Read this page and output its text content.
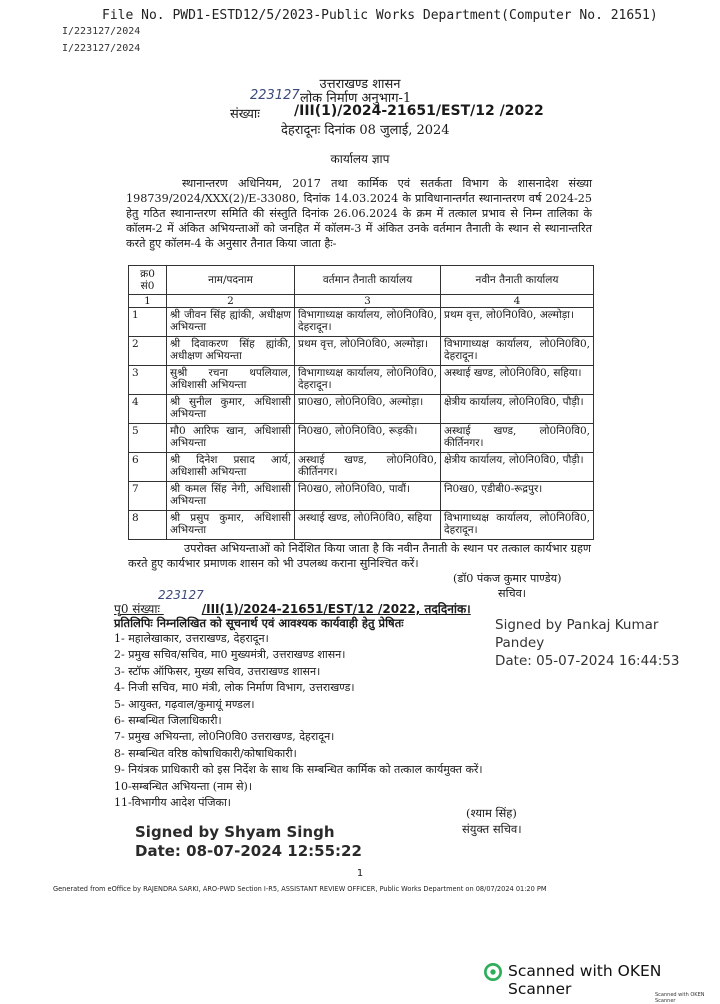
File No. PWD1-ESTD12/5/2023-Public Works Department(Computer No. 21651)
I/223127/2024
I/223127/2024
उत्तराखण्ड शासन
223127 लोक निर्माण अनुभाग-1
संख्याः /III(1)/2024-21651/EST/12 /2022
देहरादूनः दिनांक 08 जुलाई, 2024
कार्यालय ज्ञाप
स्थानान्तरण अधिनियम, 2017 तथा कार्मिक एवं सतर्कता विभाग के शासनादेश संख्या 198739/2024/XXX(2)/E-33080, दिनांक 14.03.2024 के प्राविधानान्तर्गत स्थानान्तरण वर्ष 2024-25 हेतु गठित स्थानान्तरण समिति की संस्तुति दिनांक 26.06.2024 के क्रम में तत्काल प्रभाव से निम्न तालिका के कॉलम-2 में अंकित अभियन्ताओं को जनहित में कॉलम-3 में अंकित उनके वर्तमान तैनाती के स्थान से स्थानान्तरित करते हुए कॉलम-4 के अनुसार तैनात किया जाता हैः-
क्र0 सं0	नाम/पदनाम	वर्तमान तैनाती कार्यालय	नवीन तैनाती कार्यालय
1	2	3	4
1	श्री जीवन सिंह ह्यांकी, अधीक्षण अभियन्ता	विभागाध्यक्ष कार्यालय, लो0नि0वि0, देहरादून।	प्रथम वृत्त, लो0नि0वि0, अल्मोड़ा।
2	श्री दिवाकरण सिंह ह्यांकी, अधीक्षण अभियन्ता	प्रथम वृत्त, लो0नि0वि0, अल्मोड़ा।	विभागाध्यक्ष कार्यालय, लो0नि0वि0, देहरादून।
3	सुश्री रचना थपलियाल, अधिशासी अभियन्ता	विभागाध्यक्ष कार्यालय, लो0नि0वि0, देहरादून।	अस्थाई खण्ड, लो0नि0वि0, सहिया।
4	श्री सुनील कुमार, अधिशासी अभियन्ता	प्रा0ख0, लो0नि0वि0, अल्मोड़ा।	क्षेत्रीय कार्यालय, लो0नि0वि0, पौड़ी।
5	मौ0 आरिफ खान, अधिशासी अभियन्ता	नि0ख0, लो0नि0वि0, रूड़की।	अस्थाई खण्ड, लो0नि0वि0, कीर्तिनगर।
6	श्री दिनेश प्रसाद आर्य, अधिशासी अभियन्ता	अस्थाई खण्ड, लो0नि0वि0, कीर्तिनगर।	क्षेत्रीय कार्यालय, लो0नि0वि0, पौड़ी।
7	श्री कमल सिंह नेगी, अधिशासी अभियन्ता	नि0ख0, लो0नि0वि0, पावौं।	नि0ख0, एडीबी0-रूद्रपुर।
8	श्री प्रसुप कुमार, अधिशासी अभियन्ता	अस्थाई खण्ड, लो0नि0वि0, सहिया	विभागाध्यक्ष कार्यालय, लो0नि0वि0, देहरादून।
उपरोक्त अभियन्ताओं को निर्देशित किया जाता है कि नवीन तैनाती के स्थान पर तत्काल कार्यभार ग्रहण करते हुए कार्यभार प्रमाणक शासन को भी उपलब्ध कराना सुनिश्चित करें।
(डॉ0 पंकज कुमार पाण्डेय)
सचिव।
223127
पृ0 संख्याः	/III(1)/2024-21651/EST/12 /2022, तददिनांक।
प्रतिलिपिः निम्नलिखित को सूचनार्थ एवं आवश्यक कार्यवाही हेतु प्रेषितः
1- महालेखाकार, उत्तराखण्ड, देहरादून।
2- प्रमुख सचिव/सचिव, मा0 मुख्यमंत्री, उत्तराखण्ड शासन।
3- स्टॉफ ऑफिसर, मुख्य सचिव, उत्तराखण्ड शासन।
4- निजी सचिव, मा0 मंत्री, लोक निर्माण विभाग, उत्तराखण्ड।
5- आयुक्त, गढ़वाल/कुमायूं मण्डल।
6- सम्बन्धित जिलाधिकारी।
7- प्रमुख अभियन्ता, लो0नि0वि0 उत्तराखण्ड, देहरादून।
8- सम्बन्धित वरिष्ठ कोषाधिकारी/कोषाधिकारी।
9- नियंत्रक प्राधिकारी को इस निर्देश के साथ कि सम्बन्धित कार्मिक को तत्काल कार्यमुक्त करें।
10-सम्बन्धित अभियन्ता (नाम से)।
11-विभागीय आदेश पंजिका।
Signed by Pankaj Kumar
Pandey
Date: 05-07-2024 16:44:53
(श्याम सिंह)
संयुक्त सचिव।
Signed by Shyam Singh
Date: 08-07-2024 12:55:22
1
Generated from eOffice by RAJENDRA SARKI, ARO-PWD Section I-R5, ASSISTANT REVIEW OFFICER, Public Works Department on 08/07/2024 01:20 PM
Scanned with OKEN Scanner	Scanned with OKEN Scanner
